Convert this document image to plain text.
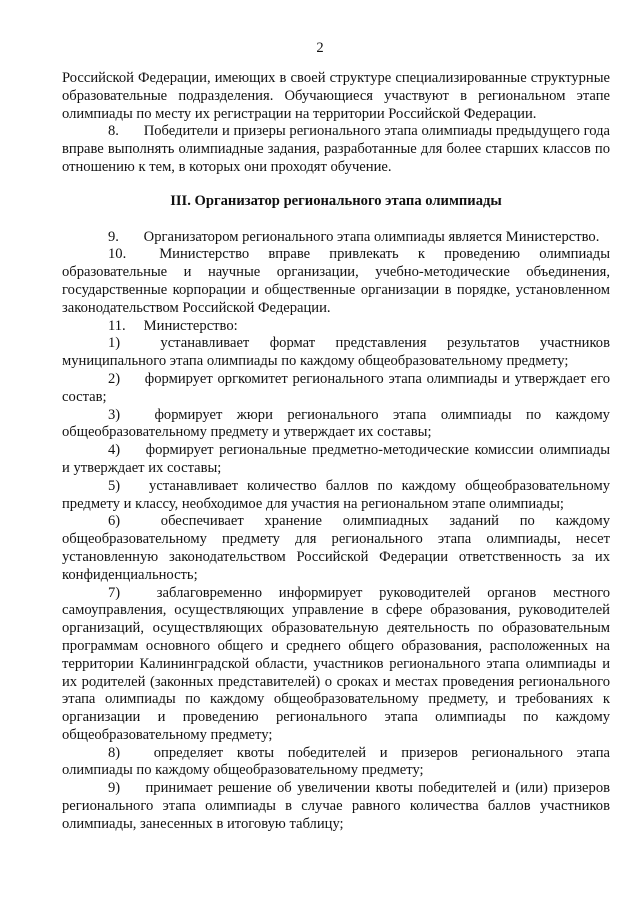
2

Российской Федерации, имеющих в своей структуре специализированные структурные образовательные подразделения. Обучающиеся участвуют в региональном этапе олимпиады по месту их регистрации на территории Российской Федерации.

8. Победители и призеры регионального этапа олимпиады предыдущего года вправе выполнять олимпиадные задания, разработанные для более старших классов по отношению к тем, в которых они проходят обучение.

III. Организатор регионального этапа олимпиады

9. Организатором регионального этапа олимпиады является Министерство.

10. Министерство вправе привлекать к проведению олимпиады образовательные и научные организации, учебно-методические объединения, государственные корпорации и общественные организации в порядке, установленном законодательством Российской Федерации.

11. Министерство:

1)	устанавливает формат представления результатов участников муниципального этапа олимпиады по каждому общеобразовательному предмету;

2) формирует оргкомитет регионального этапа олимпиады и утверждает его состав;

3) формирует жюри регионального этапа олимпиады по каждому общеобразовательному предмету и утверждает их составы;

4) формирует региональные предметно-методические комиссии олимпиады и утверждает их составы;

5) устанавливает количество баллов по каждому общеобразовательному предмету и классу, необходимое для участия на региональном этапе олимпиады;

6)	обеспечивает хранение олимпиадных заданий по каждому общеобразовательному предмету для регионального этапа олимпиады, несет установленную законодательством Российской Федерации ответственность за их конфиденциальность;

7)	заблаговременно информирует руководителей органов местного самоуправления, осуществляющих управление в сфере образования, руководителей организаций, осуществляющих образовательную деятельность по образовательным программам основного общего и среднего общего образования, расположенных на территории Калининградской области, участников регионального этапа олимпиады и их родителей (законных представителей) о сроках и местах проведения регионального этапа олимпиады по каждому общеобразовательному предмету, и требованиях к организации и проведению регионального этапа олимпиады по каждому общеобразовательному предмету;

8) определяет квоты победителей и призеров регионального этапа олимпиады по каждому общеобразовательному предмету;

9) принимает решение об увеличении квоты победителей и (или) призеров регионального этапа олимпиады в случае равного количества баллов участников олимпиады, занесенных в итоговую таблицу;
